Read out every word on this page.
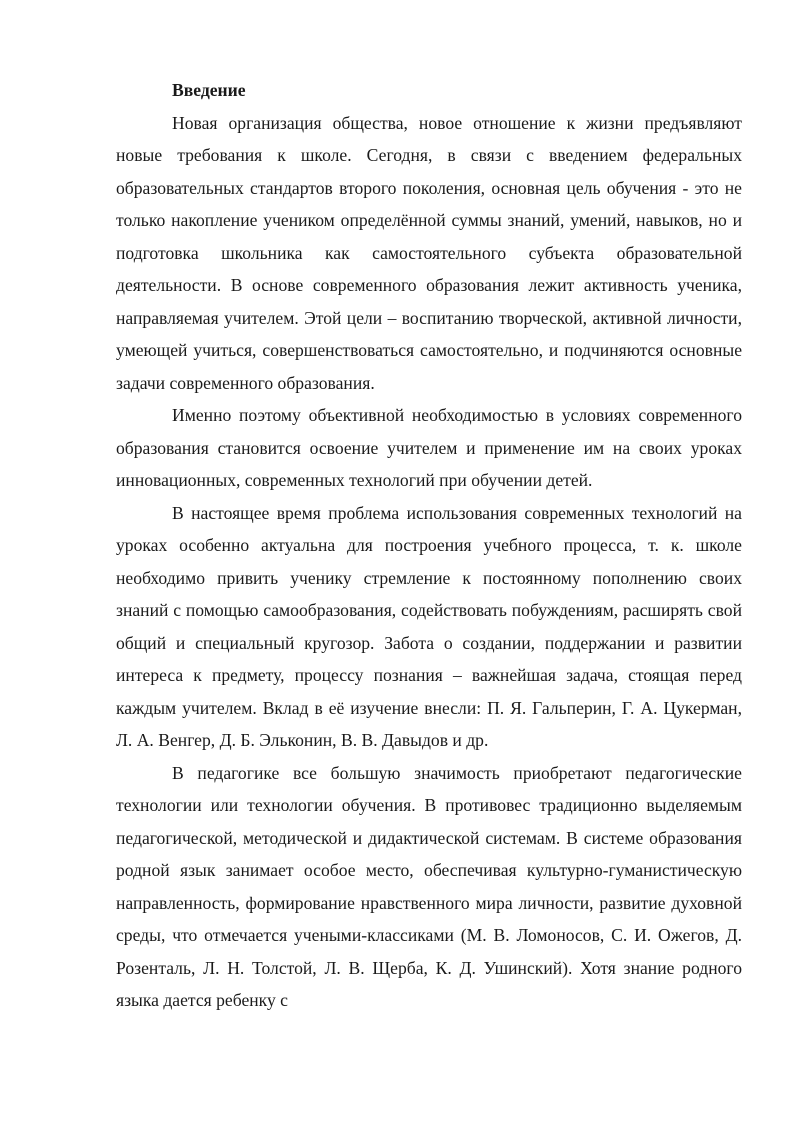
Введение

Новая организация общества, новое отношение к жизни предъявляют новые требования к школе. Сегодня, в связи с введением федеральных образовательных стандартов второго поколения, основная цель обучения - это не только накопление учеником определённой суммы знаний, умений, навыков, но и подготовка школьника как самостоятельного субъекта образовательной деятельности. В основе современного образования лежит активность ученика, направляемая учителем. Этой цели – воспитанию творческой, активной личности, умеющей учиться, совершенствоваться самостоятельно, и подчиняются основные задачи современного образования.

Именно поэтому объективной необходимостью в условиях современного образования становится освоение учителем и применение им на своих уроках инновационных, современных технологий при обучении детей.

В настоящее время проблема использования современных технологий на уроках особенно актуальна для построения учебного процесса, т. к. школе необходимо привить ученику стремление к постоянному пополнению своих знаний с помощью самообразования, содействовать побуждениям, расширять свой общий и специальный кругозор. Забота о создании, поддержании и развитии интереса к предмету, процессу познания – важнейшая задача, стоящая перед каждым учителем. Вклад в её изучение внесли: П. Я. Гальперин, Г. А. Цукерман, Л. А. Венгер, Д. Б. Эльконин, В. В. Давыдов и др.

В педагогике все большую значимость приобретают педагогические технологии или технологии обучения. В противовес традиционно выделяемым педагогической, методической и дидактической системам. В системе образования родной язык занимает особое место, обеспечивая культурно-гуманистическую направленность, формирование нравственного мира личности, развитие духовной среды, что отмечается учеными-классиками (М. В. Ломоносов, С. И. Ожегов, Д. Розенталь, Л. Н. Толстой, Л. В. Щерба, К. Д. Ушинский). Хотя знание родного языка дается ребенку с
